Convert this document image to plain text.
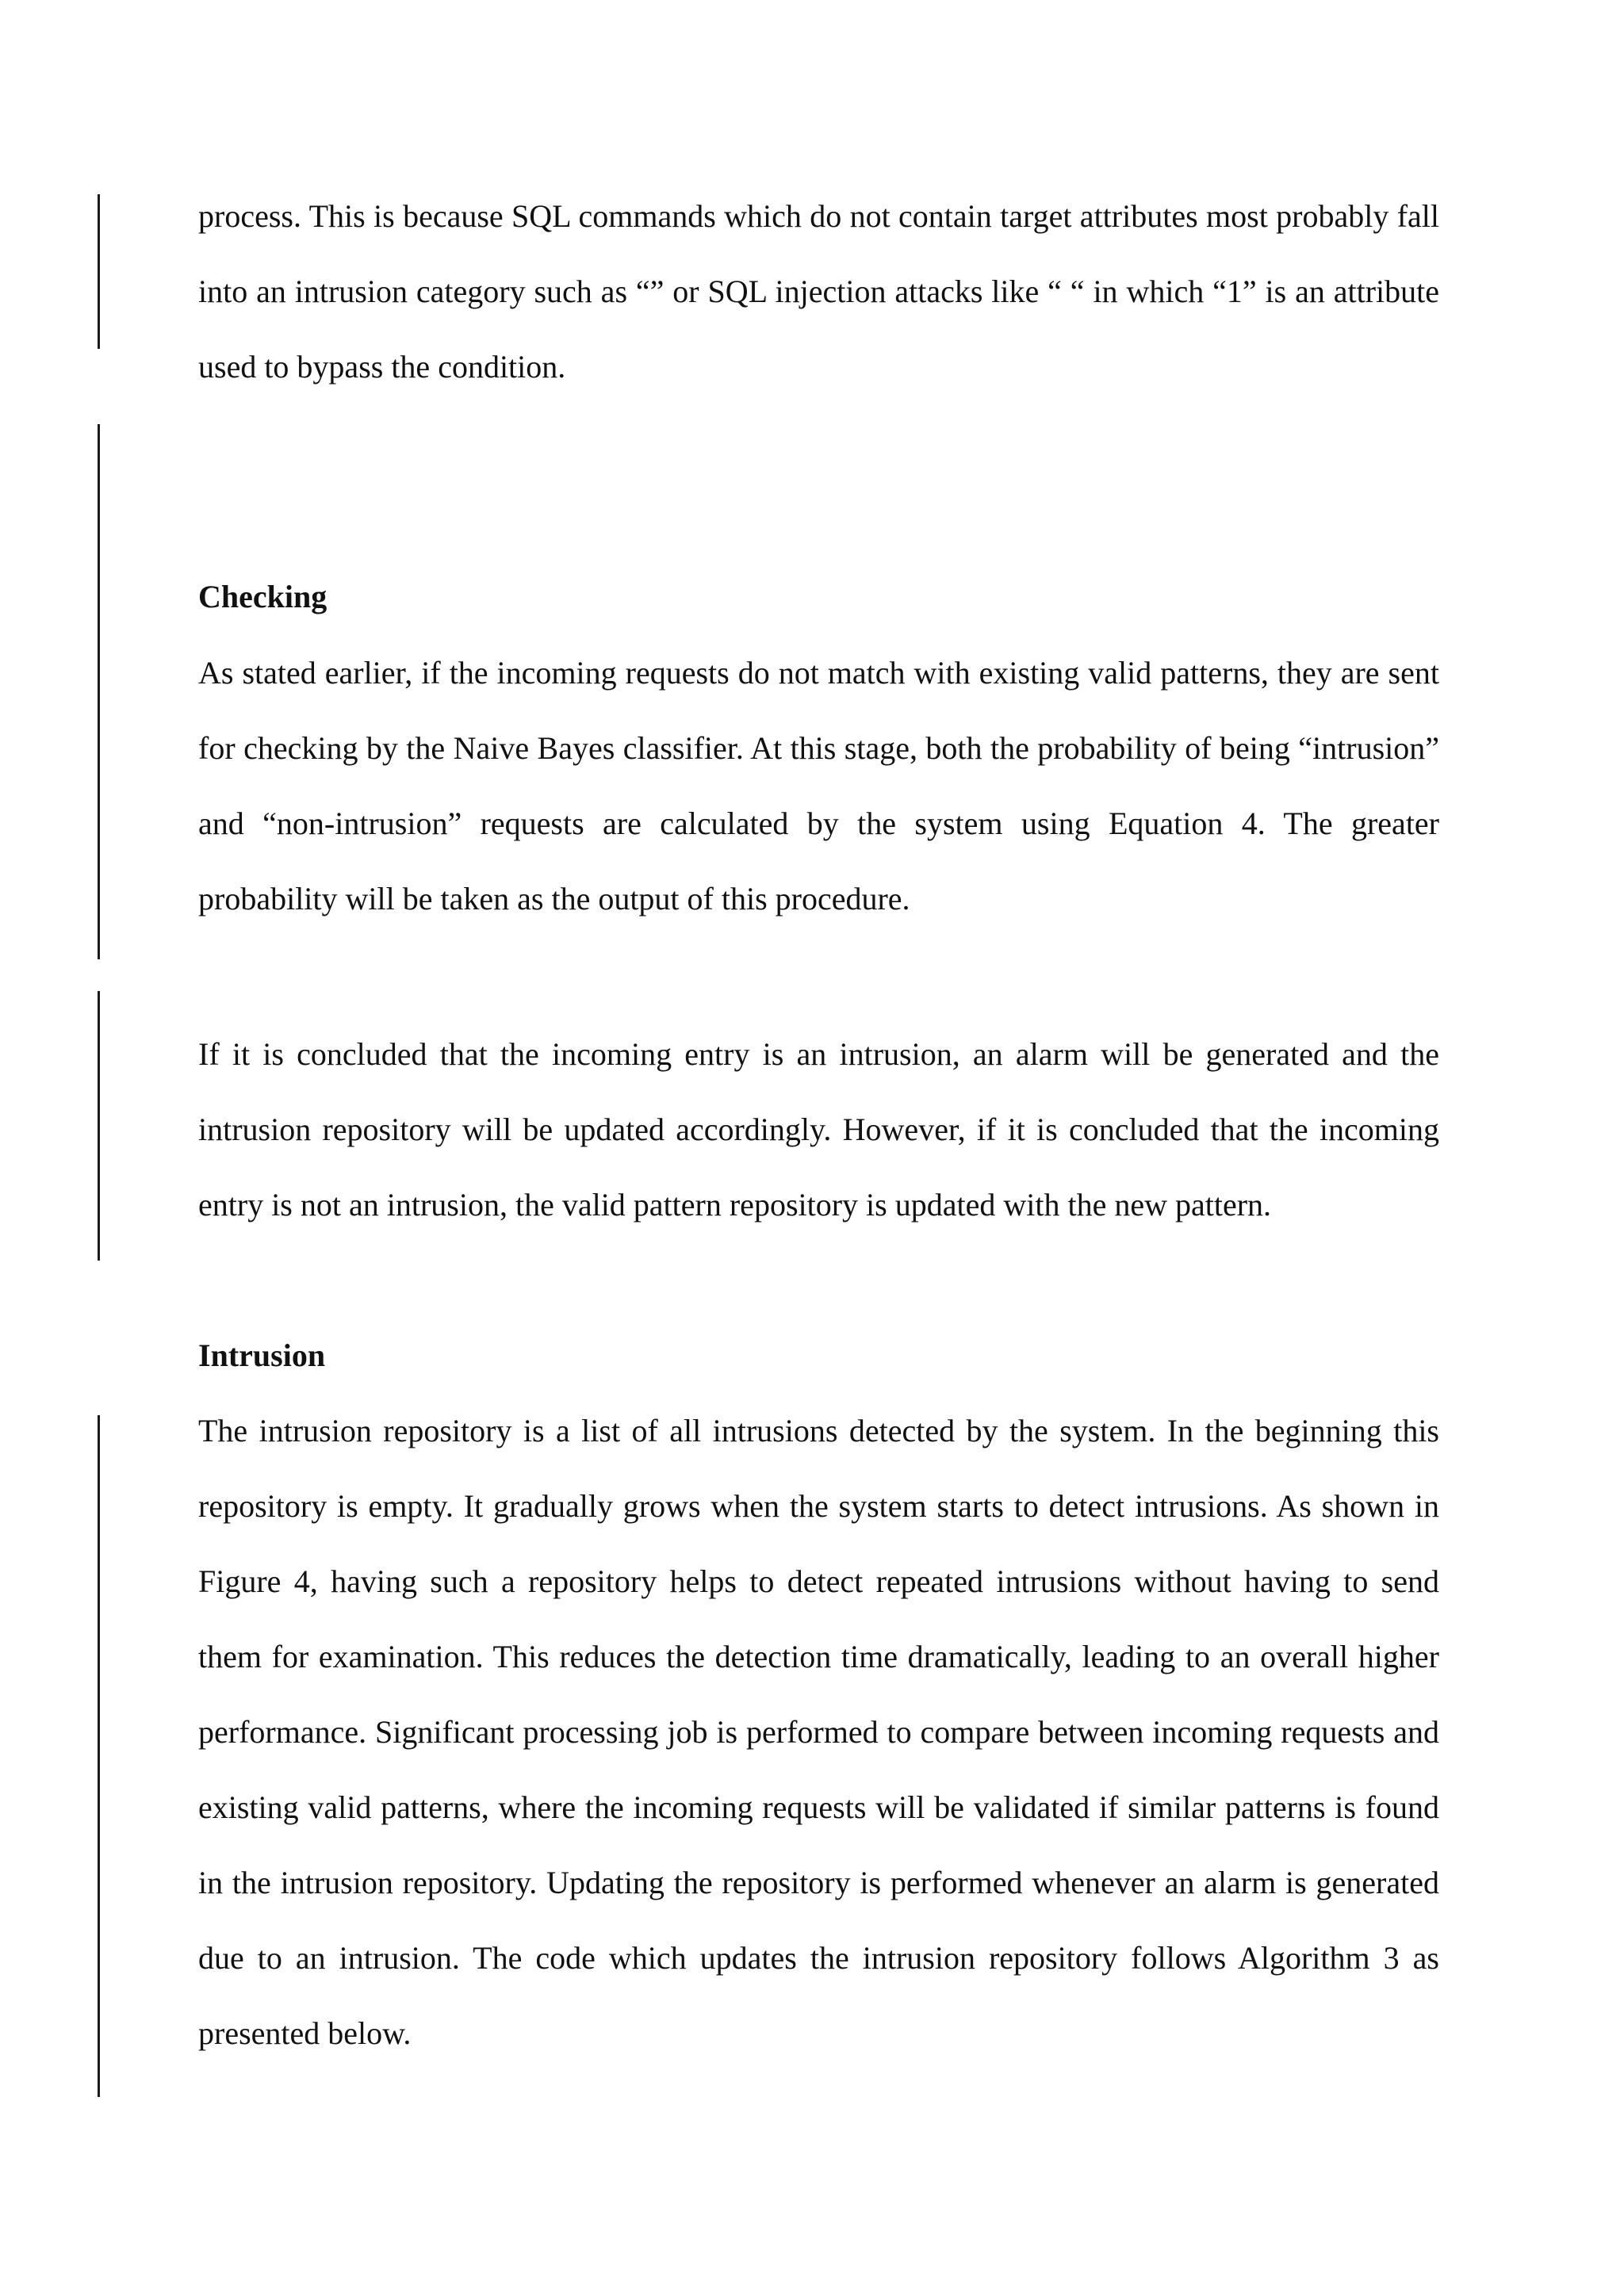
process. This is because SQL commands which do not contain target attributes most probably fall into an intrusion category such as “” or SQL injection attacks like “ “ in which “1” is an attribute used to bypass the condition.

Checking

As stated earlier, if the incoming requests do not match with existing valid patterns, they are sent for checking by the Naive Bayes classifier. At this stage, both the probability of being “intrusion” and “non-intrusion” requests are calculated by the system using Equation 4. The greater probability will be taken as the output of this procedure.

If it is concluded that the incoming entry is an intrusion, an alarm will be generated and the intrusion repository will be updated accordingly. However, if it is concluded that the incoming entry is not an intrusion, the valid pattern repository is updated with the new pattern.

Intrusion

The intrusion repository is a list of all intrusions detected by the system. In the beginning this repository is empty. It gradually grows when the system starts to detect intrusions. As shown in Figure 4, having such a repository helps to detect repeated intrusions without having to send them for examination. This reduces the detection time dramatically, leading to an overall higher performance. Significant processing job is performed to compare between incoming requests and existing valid patterns, where the incoming requests will be validated if similar patterns is found in the intrusion repository. Updating the repository is performed whenever an alarm is generated due to an intrusion. The code which updates the intrusion repository follows Algorithm 3 as presented below.
